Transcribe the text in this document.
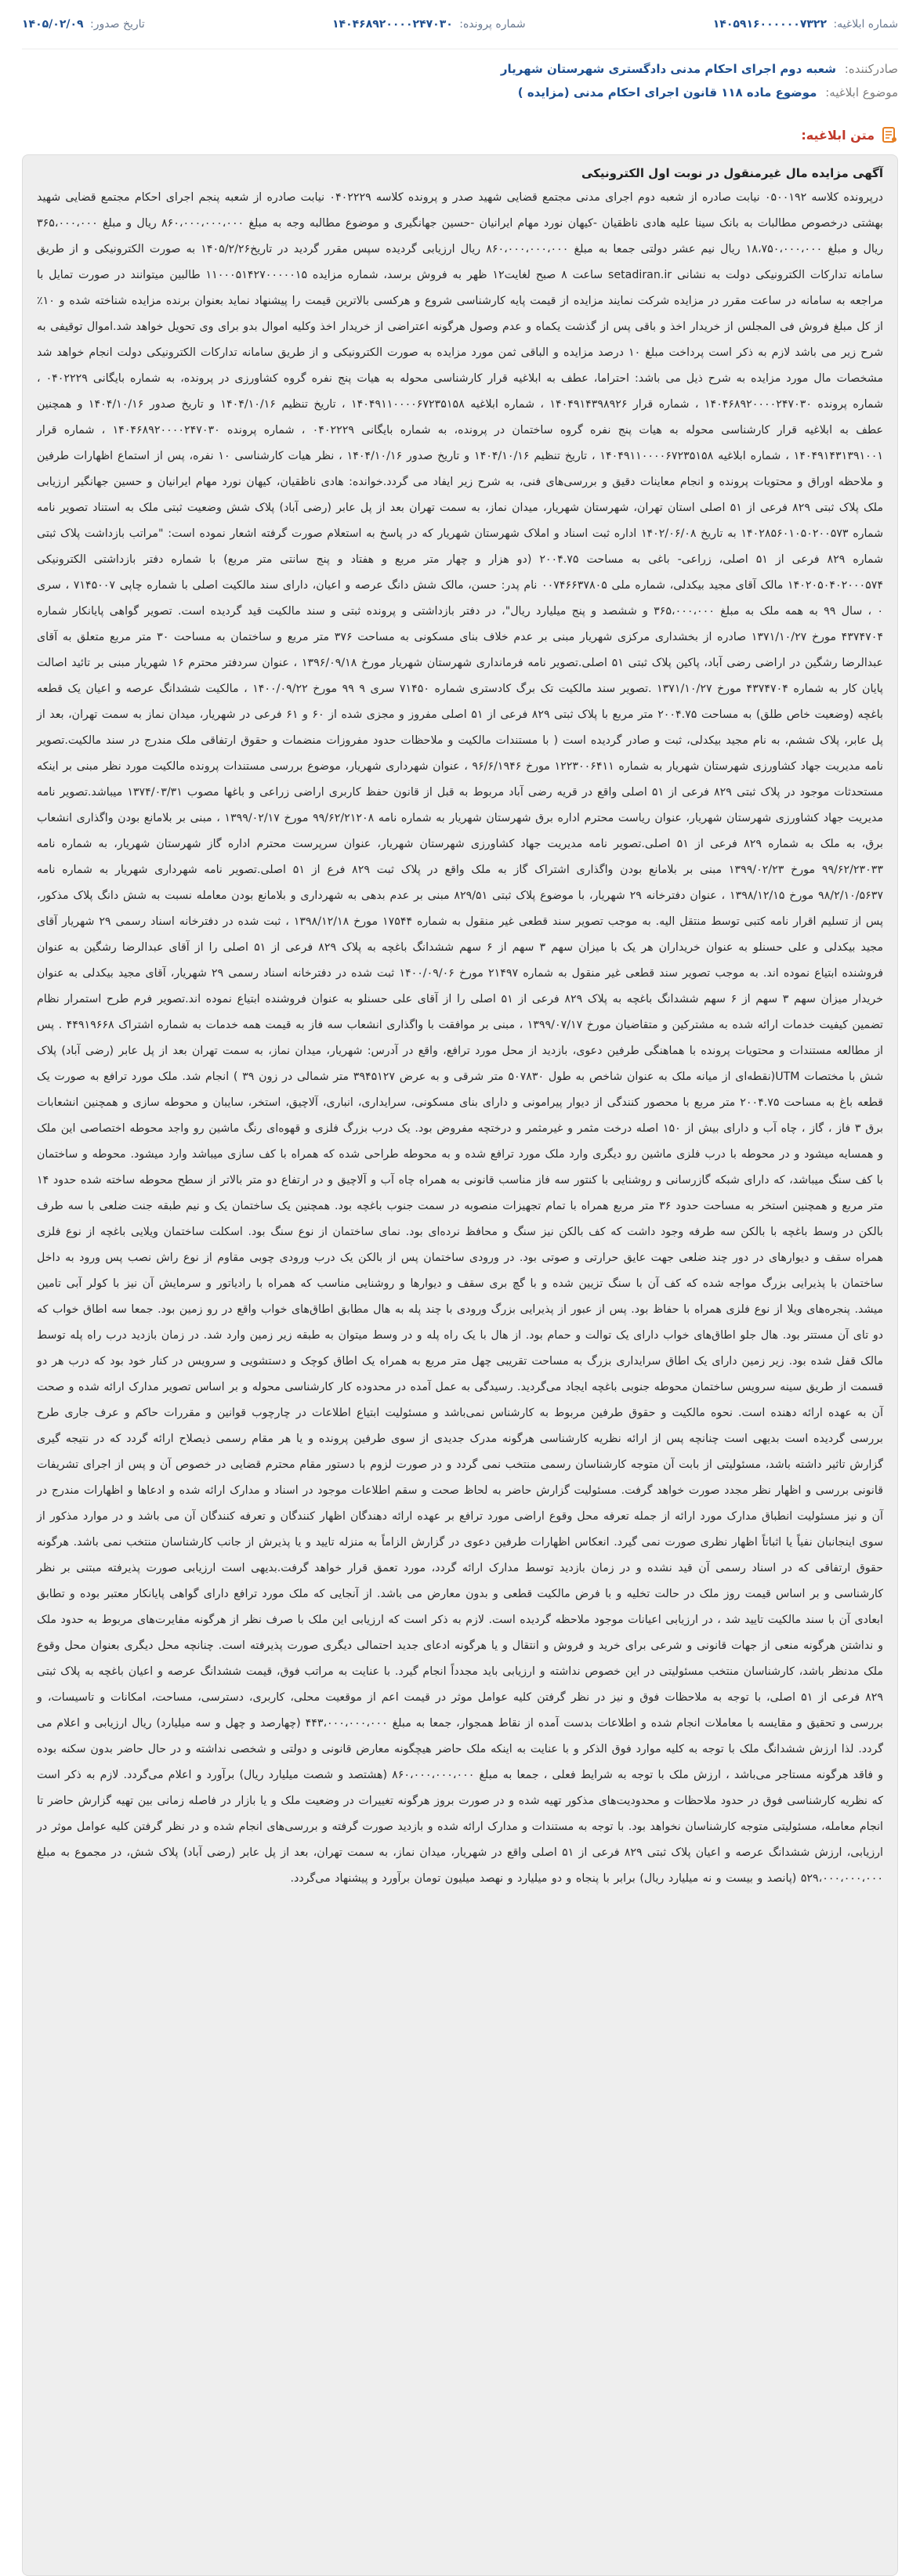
شماره ابلاغیه: ۱۴۰۵۹۱۶۰۰۰۰۰۰۷۳۲۲
شماره پرونده: ۱۴۰۴۶۸۹۲۰۰۰۰۲۴۷۰۳۰
تاریخ صدور: ۱۴۰۵/۰۲/۰۹
صادرکننده: شعبه دوم اجرای احکام مدنی دادگستری شهرستان شهریار
موضوع ابلاغیه: موضوع ماده ۱۱۸ قانون اجرای احکام مدنی (مزایده )
متن ابلاغیه:
آگهی مزایده مال غیرمنقول در نوبت اول الکترونیکی
درپرونده کلاسه ۰۵۰۰۱۹۲ نیابت صادره از شعبه دوم اجرای مدنی مجتمع قضایی شهید صدر و پرونده کلاسه ۰۴۰۲۲۲۹ نیابت صادره از شعبه پنجم اجرای احکام مجتمع قضایی شهید بهشتی درخصوص مطالبات به بانک سینا علیه هادی ناظقیان -کیهان نورد مهام ایرانیان -حسین جهانگیری و موضوع مطالبه وجه به مبلغ ۸۶۰،۰۰۰،۰۰۰،۰۰۰ ریال و مبلغ ۳۶۵،۰۰۰،۰۰۰ ریال و مبلغ ۱۸،۷۵۰،۰۰۰،۰۰۰ ریال نیم عشر دولتی جمعا به مبلغ ۸۶۰،۰۰۰،۰۰۰،۰۰۰ ریال ارزیابی گردیده سپس مقرر گردید در تاریخ۱۴۰۵/۲/۲۶ به صورت الکترونیکی و از طریق سامانه تدارکات الکترونیکی دولت به نشانی setadiran.ir ساعت ۸ صبح لغایت۱۲ ظهر به فروش برسد، شماره مزایده ۱۱۰۰۰۵۱۴۲۷۰۰۰۰۰۱۵ طالبین میتوانند در صورت تمایل با مراجعه به سامانه در ساعت مقرر در مزایده شرکت نمایند مزایده از قیمت پایه کارشناسی شروع و هرکسی بالاترین قیمت را پیشنهاد نماید بعنوان برنده مزایده شناخته شده و ۱۰٪ از کل مبلغ فروش فی المجلس از خریدار اخذ و باقی پس از گذشت یکماه و عدم وصول هرگونه اعتراضی از خریدار اخذ وکلیه اموال بدو برای وی تحویل خواهد شد.اموال توقیفی به شرح زیر می باشد لازم به ذکر است پرداخت مبلغ ۱۰ درصد مزایده و الباقی ثمن مورد مزایده به صورت الکترونیکی و از طریق سامانه تدارکات الکترونیکی دولت انجام خواهد شد مشخصات مال مورد مزایده به شرح ذیل می باشد: احتراما، عطف به ابلاغیه قرار کارشناسی محوله به هیات پنج نفره گروه کشاورزی در پرونده، به شماره بایگانی ۰۴۰۲۲۲۹ ، شماره پرونده ۱۴۰۴۶۸۹۲۰۰۰۰۲۴۷۰۳۰ ، شماره قرار ۱۴۰۴۹۱۴۳۹۸۹۲۶ ، شماره ابلاغیه ۱۴۰۴۹۱۱۰۰۰۰۶۷۲۳۵۱۵۸ ، تاریخ تنظیم ۱۴۰۴/۱۰/۱۶ و تاریخ صدور ۱۴۰۴/۱۰/۱۶ و همچنین عطف به ابلاغیه قرار کارشناسی محوله به هیات پنج نفره گروه ساختمان در پرونده، به شماره بایگانی ۰۴۰۲۲۲۹ ، شماره پرونده ۱۴۰۴۶۸۹۲۰۰۰۰۲۴۷۰۳۰ ، شماره قرار ۱۴۰۴۹۱۴۳۱۳۹۱۰۰۱ ، شماره ابلاغیه ۱۴۰۴۹۱۱۰۰۰۰۶۷۲۳۵۱۵۸ ، تاریخ تنظیم ۱۴۰۴/۱۰/۱۶ و تاریخ صدور ۱۴۰۴/۱۰/۱۶ ، نظر هیات کارشناسی ۱۰ نفره، پس از استماع اظهارات طرفین و ملاحظه اوراق و محتویات پرونده و انجام معاینات دقیق و بررسی‌های فنی، به شرح زیر ایفاد می گردد.خوانده: هادی ناظقیان، کیهان نورد مهام ایرانیان و حسین جهانگیر ارزیابی ملک پلاک ثبتی ۸۲۹ فرعی از ۵۱ اصلی استان تهران، شهرستان شهریار، میدان نماز، به سمت تهران بعد از پل عابر (رضی آباد) پلاک شش وضعیت ثبتی ملک به استناد تصویر نامه شماره ۱۴۰۲۸۵۶۰۱۰۵۰۲۰۰۵۷۳ به تاریخ ۱۴۰۲/۰۶/۰۸ اداره ثبت اسناد و املاک شهرستان شهریار که در پاسخ به استعلام صورت گرفته اشعار نموده است: "مراتب بازداشت پلاک ثبتی شماره ۸۲۹ فرعی از ۵۱ اصلی، زراعی- باغی به مساحت ۲۰۰۴.۷۵ (دو هزار و چهار متر مربع و هفتاد و پنج سانتی متر مربع) با شماره دفتر بازداشتی الکترونیکی ۱۴۰۲۰۵۰۴۰۲۰۰۰۵۷۴ مالک آقای مجید بیکدلی، شماره ملی ۰۰۷۴۶۶۳۷۸۰۵ نام پدر: حسن، مالک شش دانگ عرصه و اعیان، دارای سند مالکیت اصلی با شماره چاپی ۷۱۴۵۰۰۷ ، سری ۰ ، سال ۹۹ به همه ملک به مبلغ ۳۶۵،۰۰۰،۰۰۰ و ششصد و پنج میلیارد ریال"، در دفتر بازداشتی و پرونده ثبتی و سند مالکیت قید گردیده است. تصویر گواهی پایانکار شماره ۴۳۷۴۷۰۴ مورخ ۱۳۷۱/۱۰/۲۷ صادره از بخشداری مرکزی شهریار مبنی بر عدم خلاف بنای مسکونی به مساحت ۳۷۶ متر مربع و ساختمان به مساحت ۳۰ متر مربع متعلق به آقای عبدالرضا رشگین در اراضی رضی آباد، پاکین پلاک ثبتی ۵۱ اصلی.تصویر نامه فرمانداری شهرستان شهریار مورخ ۱۳۹۶/۰۹/۱۸ ، عنوان سردفتر محترم ۱۶ شهریار مبنی بر تائید اصالت پایان کار به شماره ۴۳۷۴۷۰۴ مورخ ۱۳۷۱/۱۰/۲۷ .تصویر سند مالکیت تک برگ کادستری شماره ۷۱۴۵۰ سری ۹ ۹۹ مورخ ۱۴۰۰/۰۹/۲۲ ، مالکیت ششدانگ عرصه و اعیان یک قطعه باغچه (وضعیت خاص طلق) به مساحت ۲۰۰۴.۷۵ متر مربع با پلاک ثبتی ۸۲۹ فرعی از ۵۱ اصلی مفروز و مجزی شده از ۶۰ و ۶۱ فرعی در شهریار، میدان نماز به سمت تهران، بعد از پل عابر، پلاک ششم، به نام مجید بیکدلی، ثبت و صادر گردیده است ( با مستندات مالکیت و ملاحظات حدود مفروزات منضمات و حقوق ارتفاقی ملک مندرج در سند مالکیت.تصویر نامه مدیریت جهاد کشاورزی شهرستان شهریار به شماره ۱۲۲۳۰۰۶۴۱۱ مورخ ۹۶/۶/۱۹۴۶ ، عنوان شهرداری شهریار، موضوع بررسی مستندات پرونده مالکیت مورد نظر مبنی بر اینکه مستحدثات موجود در پلاک ثبتی ۸۲۹ فرعی از ۵۱ اصلی واقع در قریه رضی آباد مربوط به قبل از قانون حفظ کاربری اراضی زراعی و باغها مصوب ۱۳۷۴/۰۳/۳۱ میباشد.تصویر نامه مدیریت جهاد کشاورزی شهرستان شهریار، عنوان ریاست محترم اداره برق شهرستان شهریار به شماره نامه ۹۹/۶۲/۲۱۲۰۸ مورخ ۱۳۹۹/۰۲/۱۷ ، مبنی بر بلامانع بودن واگذاری انشعاب برق، به ملک به شماره ۸۲۹ فرعی از ۵۱ اصلی.تصویر نامه مدیریت جهاد کشاورزی شهرستان شهریار، عنوان سرپرست محترم اداره گاز شهرستان شهریار، به شماره نامه ۹۹/۶۲/۲۳۰۳۳ مورخ ۱۳۹۹/۰۲/۲۳ مبنی بر بلامانع بودن واگذاری اشتراک گاز به ملک واقع در پلاک ثبت ۸۲۹ فرع از ۵۱ اصلی.تصویر نامه شهرداری شهریار به شماره نامه ۹۸/۲/۱۰/۵۶۳۷ مورخ ۱۳۹۸/۱۲/۱۵ ، عنوان دفترخانه ۲۹ شهریار، با موضوع پلاک ثبتی ۸۲۹/۵۱ مبنی بر عدم بدهی به شهرداری و بلامانع بودن معامله نسبت به شش دانگ پلاک مذکور، پس از تسلیم اقرار نامه کتبی توسط منتقل الیه. به موجب تصویر سند قطعی غیر منقول به شماره ۱۷۵۴۴ مورخ ۱۳۹۸/۱۲/۱۸ ، ثبت شده در دفترخانه اسناد رسمی ۲۹ شهریار آقای مجید بیکدلی و علی حسنلو به عنوان خریداران هر یک با میزان سهم ۳ سهم از ۶ سهم ششدانگ باغچه به پلاک ۸۲۹ فرعی از ۵۱ اصلی را از آقای عبدالرضا رشگین به عنوان فروشنده ابتیاع نموده اند. به موجب تصویر سند قطعی غیر منقول به شماره ۲۱۴۹۷ مورخ ۱۴۰۰/۰۹/۰۶ ثبت شده در دفترخانه اسناد رسمی ۲۹ شهریار، آقای مجید بیکدلی به عنوان خریدار میزان سهم ۳ سهم از ۶ سهم ششدانگ باغچه به پلاک ۸۲۹ فرعی از ۵۱ اصلی را از آقای علی حسنلو به عنوان فروشنده ابتیاع نموده اند.تصویر فرم طرح استمرار نظام تضمین کیفیت خدمات ارائه شده به مشترکین و متقاضیان مورخ ۱۳۹۹/۰۷/۱۷ ، مبنی بر موافقت با واگذاری انشعاب سه فاز به قیمت همه خدمات به شماره اشتراک ۴۴۹۱۹۶۶۸ . پس از مطالعه مستندات و محتویات پرونده با هماهنگی طرفین دعوی، بازدید از محل مورد ترافع، واقع در آدرس: شهریار، میدان نماز، به سمت تهران بعد از پل عابر (رضی آباد) پلاک شش با مختصات UTM(نقطه‌ای از میانه ملک به عنوان شاخص به طول ۵۰۷۸۳۰ متر شرقی و به عرض ۳۹۴۵۱۲۷ متر شمالی در زون ۳۹ ) انجام شد. ملک مورد ترافع به صورت یک قطعه باغ به مساحت ۲۰۰۴.۷۵ متر مربع با محصور کنندگی از دیوار پیرامونی و دارای بنای مسکونی، سرایداری، انباری، آلاچیق، استخر، سایبان و محوطه سازی و همچنین انشعابات برق ۳ فاز ، گاز ، چاه آب و دارای بیش از ۱۵۰ اصله درخت مثمر و غیرمثمر و درختچه مفروض بود. یک درب بزرگ فلزی و قهوه‌ای رنگ ماشین رو واجد محوطه اختصاصی این ملک و همسایه میشود و در محوطه با درب فلزی ماشین رو دیگری وارد ملک مورد ترافع شده و به محوطه طراحی شده که همراه با کف سازی میباشد وارد میشود. محوطه و ساختمان با کف سنگ میباشد، که دارای شبکه گازرسانی و روشنایی با کنتور سه فاز مناسب قانونی به همراه چاه آب و آلاچیق و در ارتفاع دو متر بالاتر از سطح محوطه ساخته شده حدود ۱۴ متر مربع و همچنین استخر به مساحت حدود ۳۶ متر مربع همراه با تمام تجهیزات منصوبه در سمت جنوب باغچه بود. همچنین یک ساختمان یک و نیم طبقه جنت ضلعی با سه طرف بالکن در وسط باغچه با بالکن سه طرفه وجود داشت که کف بالکن نیز سنگ و محافظ نرده‌ای بود. نمای ساختمان از نوع سنگ بود. اسکلت ساختمان ویلایی باغچه از نوع فلزی همراه سقف و دیوارهای در دور چند ضلعی جهت عایق حرارتی و صوتی بود. در ورودی ساختمان پس از بالکن یک درب ورودی چوبی مقاوم از نوع راش نصب پس ورود به داخل ساختمان با پذیرایی بزرگ مواجه شده که کف آن با سنگ تزیین شده و با گچ بری سقف و دیوارها و روشنایی مناسب که همراه با رادیاتور و سرمایش آن نیز با کولر آبی تامین میشد. پنجره‌های ویلا از نوع فلزی همراه با حفاظ بود. پس از عبور از پذیرایی بزرگ ورودی با چند پله به هال مطابق اطاق‌های خواب واقع در رو زمین بود. جمعا سه اطاق خواب که دو تای آن مستتر بود. هال جلو اطاق‌های خواب دارای یک توالت و حمام بود. از هال با یک راه پله و در وسط میتوان به طبقه زیر زمین وارد شد. در زمان بازدید درب راه پله توسط مالک قفل شده بود. زیر زمین دارای یک اطاق سرایداری بزرگ به مساحت تقریبی چهل متر مربع به همراه یک اطاق کوچک و دستشویی و سرویس در کنار خود بود که درب هر دو قسمت از طریق سینه سرویس ساختمان محوطه جنوبی باغچه ایجاد می‌گردید. رسیدگی به عمل آمده در محدوده کار کارشناسی محوله و بر اساس تصویر مدارک ارائه شده و صحت آن به عهده ارائه دهنده است. نحوه مالکیت و حقوق طرفین مربوط به کارشناس نمی‌باشد و مسئولیت ابتیاع اطلاعات در چارچوب قوانین و مقررات حاکم و عرف جاری طرح بررسی گردیده است بدیهی است چنانچه پس از ارائه نظریه کارشناسی هرگونه مدرک جدیدی از سوی طرفین پرونده و یا هر مقام رسمی ذیصلاح ارائه گردد که در نتیجه گیری گزارش تاثیر داشته باشد، مسئولیتی از بابت آن متوجه کارشناسان رسمی منتخب نمی گردد و در صورت لزوم با دستور مقام محترم قضایی در خصوص آن و پس از اجرای تشریفات قانونی بررسی و اظهار نظر مجدد صورت خواهد گرفت. مسئولیت گزارش حاضر به لحاظ صحت و سقم اطلاعات موجود در اسناد و مدارک ارائه شده و ادعاها و اظهارات مندرج در آن و نیز مسئولیت انطباق مدارک مورد ارائه از جمله تعرفه محل وقوع اراضی مورد ترافع بر عهده ارائه دهندگان اظهار کنندگان و تعرفه کنندگان آن می باشد و در موارد مذکور از سوی اینجانبان نفیاً یا اثباتاً اظهار نظری صورت نمی گیرد. انعکاس اظهارات طرفین دعوی در گزارش الزاماً به منزله تایید و یا پذیرش از جانب کارشناسان منتخب نمی باشد. هرگونه حقوق ارتفاقی که در اسناد رسمی آن قید نشده و در زمان بازدید توسط مدارک ارائه گردد، مورد تعمق قرار خواهد گرفت.بدیهی است ارزیابی صورت پذیرفته مبتنی بر نظر کارشناسی و بر اساس قیمت روز ملک در حالت تخلیه و با فرض مالکیت قطعی و بدون معارض می باشد. از آنجایی که ملک مورد ترافع دارای گواهی پایانکار معتبر بوده و تطابق ابعادی آن با سند مالکیت تایید شد ، در ارزیابی اعیانات موجود ملاحظه گردیده است. لازم به ذکر است که ارزیابی این ملک با صرف نظر از هرگونه مفایرت‌های مربوط به حدود ملک و نداشتن هرگونه منعی از جهات قانونی و شرعی برای خرید و فروش و انتقال و یا هرگونه ادعای جدید احتمالی دیگری صورت پذیرفته است. چنانچه محل دیگری بعنوان محل وقوع ملک مدنظر باشد، کارشناسان منتخب مسئولیتی در این خصوص نداشته و ارزیابی باید مجدداً انجام گیرد. با عنایت به مراتب فوق، قیمت ششدانگ عرصه و اعیان باغچه به پلاک ثبتی ۸۲۹ فرعی از ۵۱ اصلی، با توجه به ملاحظات فوق و نیز در نظر گرفتن کلیه عوامل موثر در قیمت اعم از موقعیت محلی، کاربری، دسترسی، مساحت، امکانات و تاسیسات، و بررسی و تحقیق و مقایسه با معاملات انجام شده و اطلاعات بدست آمده از نقاط همجوار، جمعا به مبلغ ۴۴۳،۰۰۰،۰۰۰،۰۰۰ (چهارصد و چهل و سه میلیارد) ریال ارزیابی و اعلام می گردد. لذا ارزش ششدانگ ملک با توجه به کلیه موارد فوق الذکر و با عنایت به اینکه ملک حاضر هیچگونه معارض قانونی و دولتی و شخصی نداشته و در حال حاضر بدون سکنه بوده و فاقد هرگونه مستاجر می‌باشد ، ارزش ملک با توجه به شرایط فعلی ، جمعا به مبلغ ۸۶۰،۰۰۰،۰۰۰،۰۰۰ (هشتصد و شصت میلیارد ریال) برآورد و اعلام می‌گردد. لازم به ذکر است که نظریه کارشناسی فوق در حدود ملاحظات و محدودیت‌های مذکور تهیه شده و در صورت بروز هرگونه تغییرات در وضعیت ملک و یا بازار در فاصله زمانی بین تهیه گزارش حاضر تا انجام معامله، مسئولیتی متوجه کارشناسان نخواهد بود. با توجه به مستندات و مدارک ارائه شده و بازدید صورت گرفته و بررسی‌های انجام شده و در نظر گرفتن کلیه عوامل موثر در ارزیابی، ارزش ششدانگ عرصه و اعیان پلاک ثبتی ۸۲۹ فرعی از ۵۱ اصلی واقع در شهریار، میدان نماز، به سمت تهران، بعد از پل عابر (رضی آباد) پلاک شش، در مجموع به مبلغ ۵۲۹،۰۰۰،۰۰۰،۰۰۰ (پانصد و بیست و نه میلیارد ریال) برابر با پنجاه و دو میلیارد و نهصد میلیون تومان برآورد و پیشنهاد می‌گردد.
